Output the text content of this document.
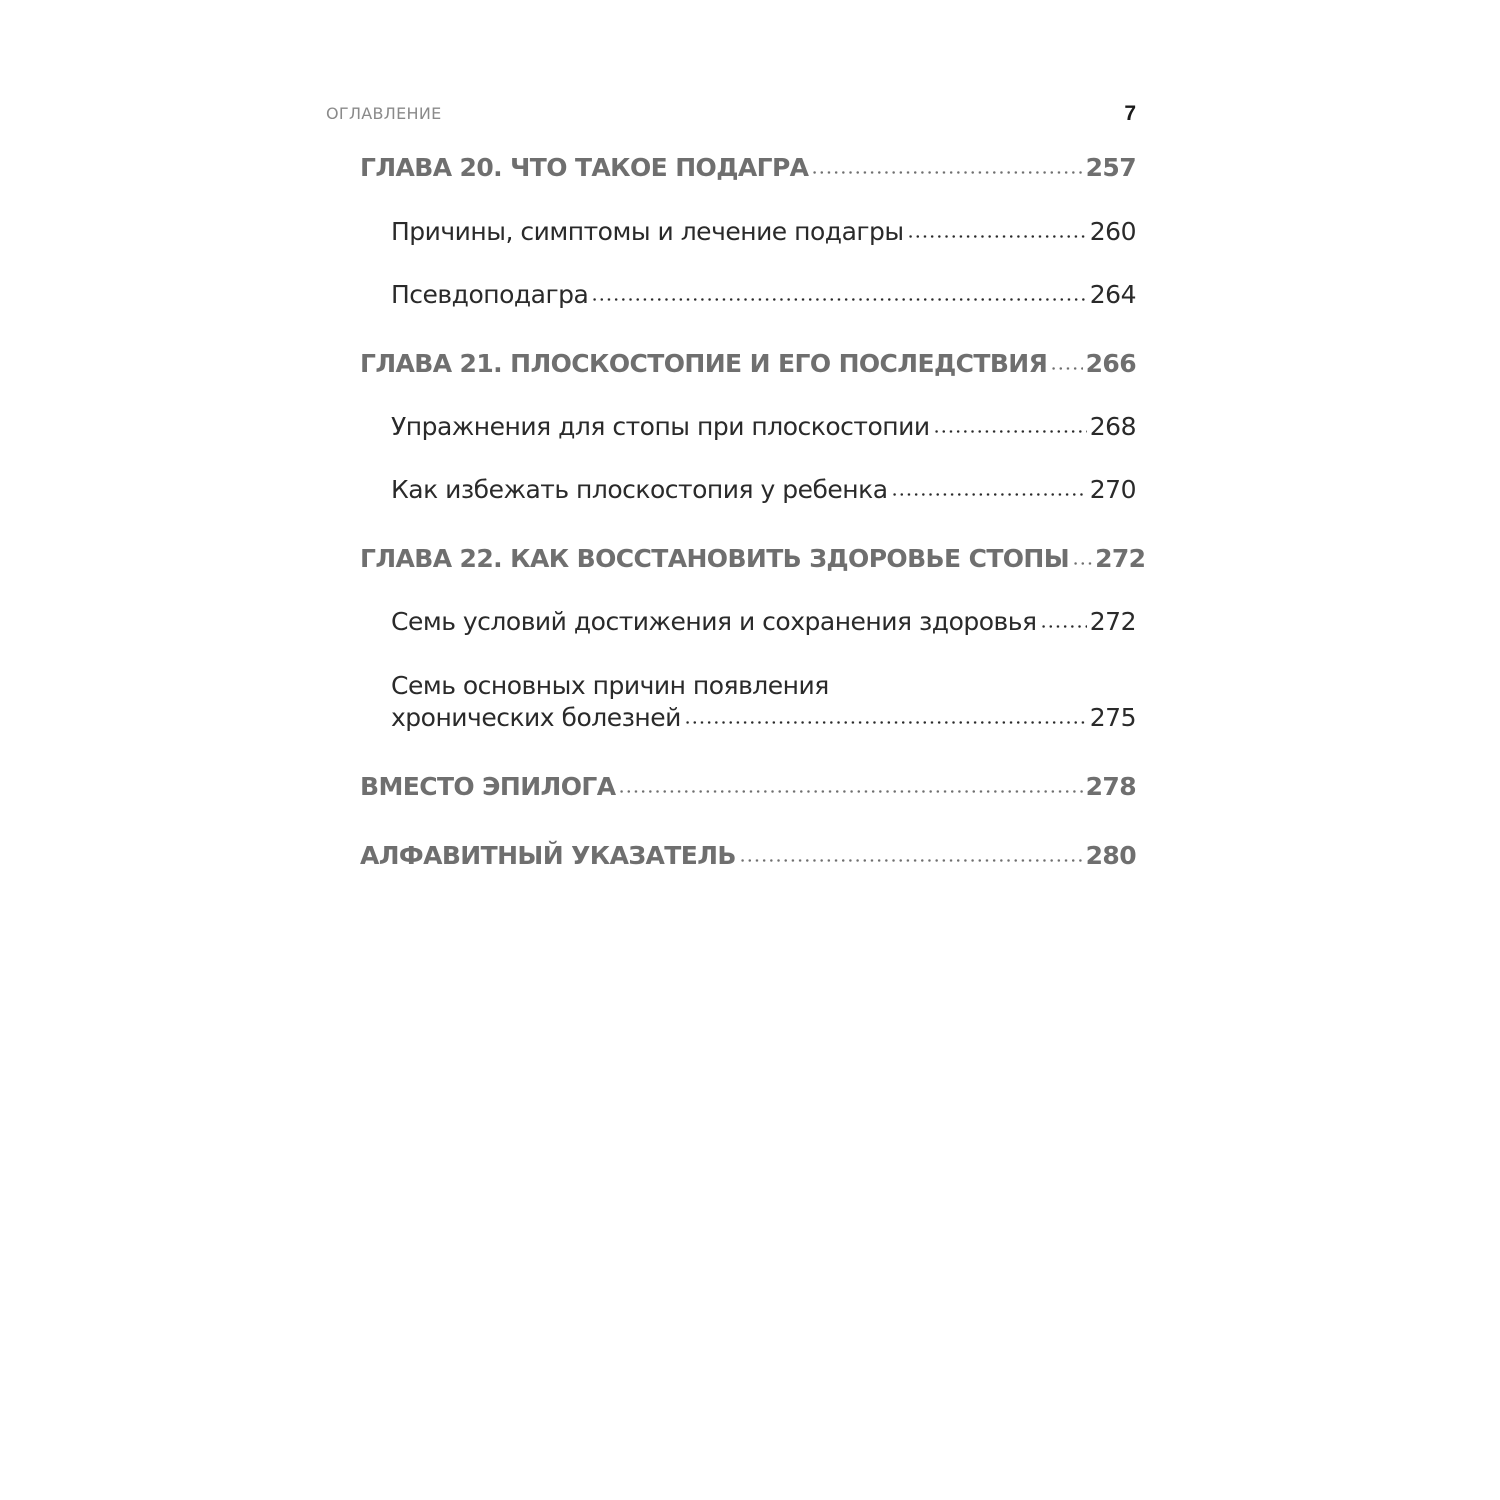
ОГЛАВЛЕНИЕ	7
ГЛАВА 20. ЧТО ТАКОЕ ПОДАГРА	257
Причины, симптомы и лечение подагры	260
Псевдоподагра	264
ГЛАВА 21. ПЛОСКОСТОПИЕ И ЕГО ПОСЛЕДСТВИЯ 266
Упражнения для стопы при плоскостопии	268
Как избежать плоскостопия у ребенка	270
ГЛАВА 22. КАК ВОССТАНОВИТЬ ЗДОРОВЬЕ СТОПЫ 272
Семь условий достижения и сохранения здоровья 272
Семь основных причин появления
хронических болезней	275
ВМЕСТО ЭПИЛОГА	278
АЛФАВИТНЫЙ УКАЗАТЕЛЬ	280
